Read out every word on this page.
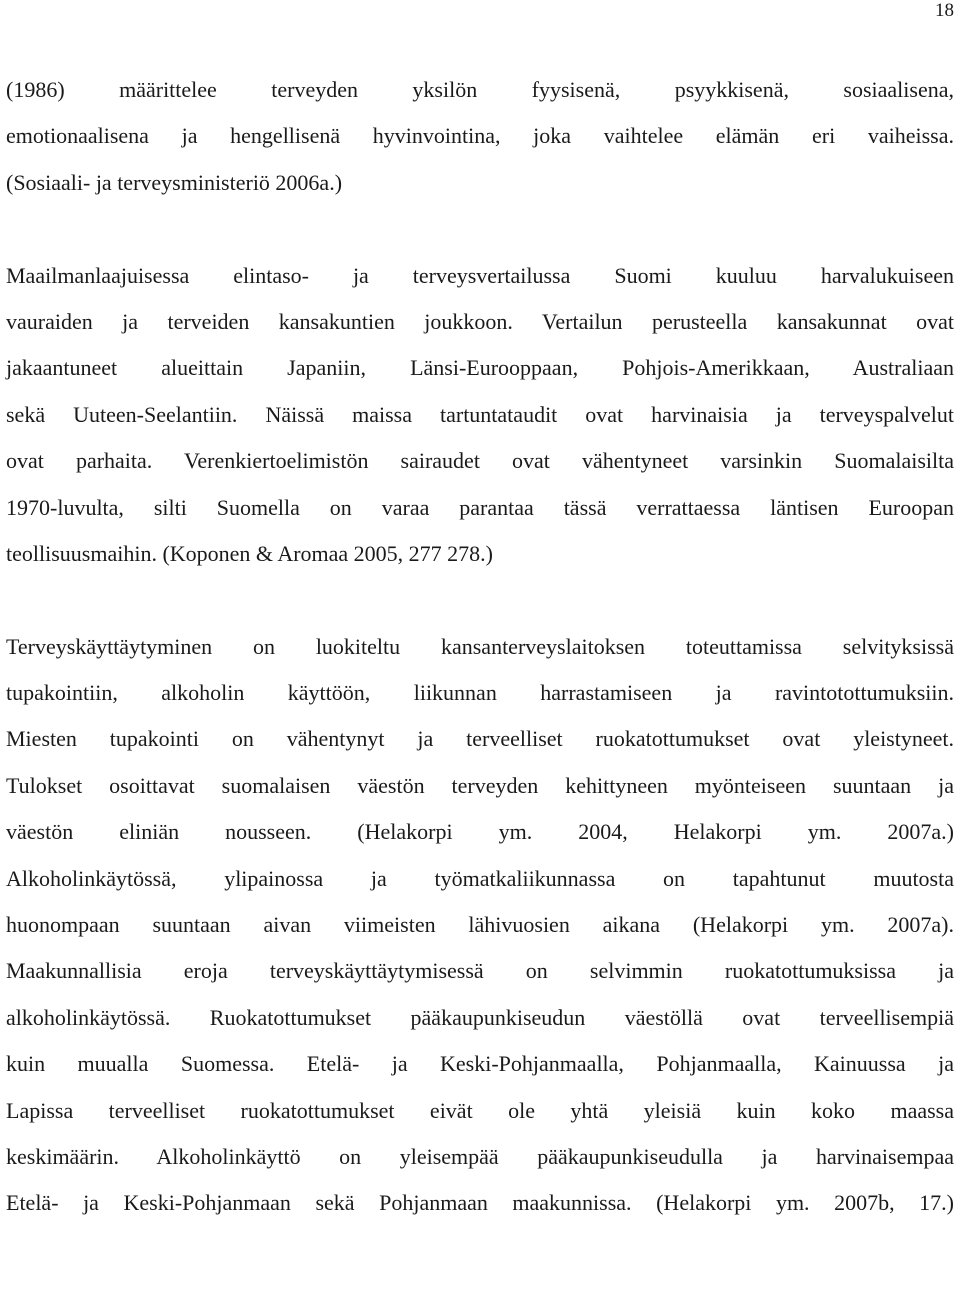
18
(1986) määrittelee terveyden yksilön fyysisenä, psyykkisenä, sosiaalisena,
emotionaalisena ja hengellisenä hyvinvointina, joka vaihtelee elämän eri vaiheissa.
(Sosiaali- ja terveysministeriö 2006a.)
Maailmanlaajuisessa elintaso- ja terveysvertailussa Suomi kuuluu harvalukuiseen
vauraiden ja terveiden kansakuntien joukkoon. Vertailun perusteella kansakunnat ovat
jakaantuneet alueittain Japaniin, Länsi-Eurooppaan, Pohjois-Amerikkaan, Australiaan
sekä Uuteen-Seelantiin. Näissä maissa tartuntataudit ovat harvinaisia ja terveyspalvelut
ovat parhaita. Verenkiertoelimistön sairaudet ovat vähentyneet varsinkin Suomalaisilta
1970-luvulta, silti Suomella on varaa parantaa tässä verrattaessa läntisen Euroopan
teollisuusmaihin. (Koponen & Aromaa 2005, 277 278.)
Terveyskäyttäytyminen on luokiteltu kansanterveyslaitoksen toteuttamissa selvityksissä
tupakointiin, alkoholin käyttöön, liikunnan harrastamiseen ja ravintotottumuksiin.
Miesten tupakointi on vähentynyt ja terveelliset ruokatottumukset ovat yleistyneet.
Tulokset osoittavat suomalaisen väestön terveyden kehittyneen myönteiseen suuntaan ja
väestön eliniän nousseen. (Helakorpi ym. 2004, Helakorpi ym. 2007a.)
Alkoholinkäytössä, ylipainossa ja työmatkaliikunnassa on tapahtunut muutosta
huonompaan suuntaan aivan viimeisten lähivuosien aikana (Helakorpi ym. 2007a).
Maakunnallisia eroja terveyskäyttäytymisessä on selvimmin ruokatottumuksissa ja
alkoholinkäytössä. Ruokatottumukset pääkaupunkiseudun väestöllä ovat terveellisempiä
kuin muualla Suomessa. Etelä- ja Keski-Pohjanmaalla, Pohjanmaalla, Kainuussa ja
Lapissa terveelliset ruokatottumukset eivät ole yhtä yleisiä kuin koko maassa
keskimäärin. Alkoholinkäyttö on yleisempää pääkaupunkiseudulla ja harvinaisempaa
Etelä- ja Keski-Pohjanmaan sekä Pohjanmaan maakunnissa. (Helakorpi ym. 2007b, 17.)
